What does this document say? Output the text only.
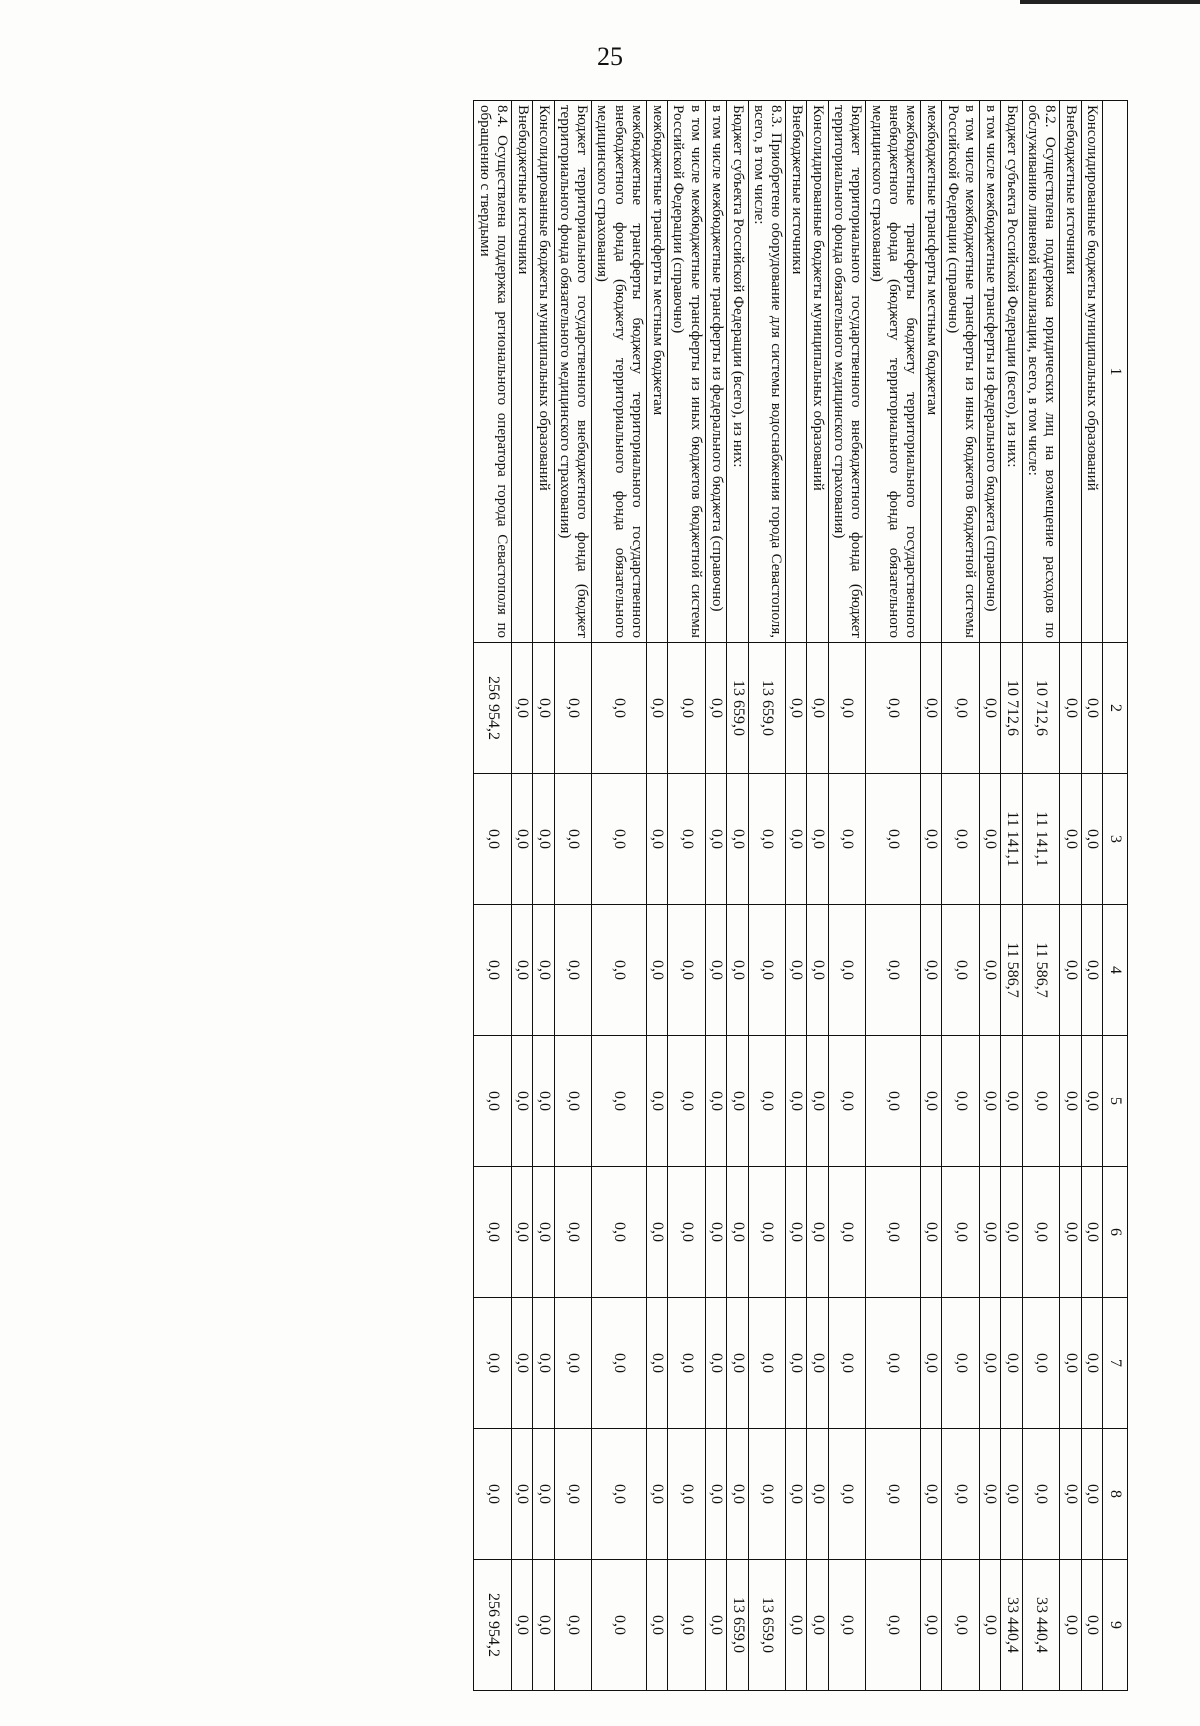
25
1	2	3	4	5	6	7	8	9
Консолидированные бюджеты муниципальных образований	0,0	0,0	0,0	0,0	0,0	0,0	0,0	0,0
Внебюджетные источники	0,0	0,0	0,0	0,0	0,0	0,0	0,0	0,0
8.2. Осуществлена поддержка юридических лиц на возмещение расходов по обслуживанию ливневой канализации, всего, в том числе:	10 712,6	11 141,1	11 586,7	0,0	0,0	0,0	0,0	33 440,4
Бюджет субъекта Российской Федерации (всего), из них:	10 712,6	11 141,1	11 586,7	0,0	0,0	0,0	0,0	33 440,4
в том числе межбюджетные трансферты из федерального бюджета (справочно)	0,0	0,0	0,0	0,0	0,0	0,0	0,0	0,0
в том числе межбюджетные трансферты из иных бюджетов бюджетной системы Российской Федерации (справочно)	0,0	0,0	0,0	0,0	0,0	0,0	0,0	0,0
межбюджетные трансферты местным бюджетам	0,0	0,0	0,0	0,0	0,0	0,0	0,0	0,0
межбюджетные трансферты бюджету территориального государственного внебюджетного фонда (бюджету территориального фонда обязательного медицинского страхования)	0,0	0,0	0,0	0,0	0,0	0,0	0,0	0,0
Бюджет территориального государственного внебюджетного фонда (бюджет территориального фонда обязательного медицинского страхования)	0,0	0,0	0,0	0,0	0,0	0,0	0,0	0,0
Консолидированные бюджеты муниципальных образований	0,0	0,0	0,0	0,0	0,0	0,0	0,0	0,0
Внебюджетные источники	0,0	0,0	0,0	0,0	0,0	0,0	0,0	0,0
8.3. Приобретено оборудование для системы водоснабжения города Севастополя, всего, в том числе:	13 659,0	0,0	0,0	0,0	0,0	0,0	0,0	13 659,0
Бюджет субъекта Российской Федерации (всего), из них:	13 659,0	0,0	0,0	0,0	0,0	0,0	0,0	13 659,0
в том числе межбюджетные трансферты из федерального бюджета (справочно)	0,0	0,0	0,0	0,0	0,0	0,0	0,0	0,0
в том числе межбюджетные трансферты из иных бюджетов бюджетной системы Российской Федерации (справочно)	0,0	0,0	0,0	0,0	0,0	0,0	0,0	0,0
межбюджетные трансферты местным бюджетам	0,0	0,0	0,0	0,0	0,0	0,0	0,0	0,0
межбюджетные трансферты бюджету территориального государственного внебюджетного фонда (бюджету территориального фонда обязательного медицинского страхования)	0,0	0,0	0,0	0,0	0,0	0,0	0,0	0,0
Бюджет территориального государственного внебюджетного фонда (бюджет территориального фонда обязательного медицинского страхования)	0,0	0,0	0,0	0,0	0,0	0,0	0,0	0,0
Консолидированные бюджеты муниципальных образований	0,0	0,0	0,0	0,0	0,0	0,0	0,0	0,0
Внебюджетные источники	0,0	0,0	0,0	0,0	0,0	0,0	0,0	0,0
8.4. Осуществлена поддержка регионального оператора города Севастополя по обращению с твердыми	256 954,2	0,0	0,0	0,0	0,0	0,0	0,0	256 954,2
